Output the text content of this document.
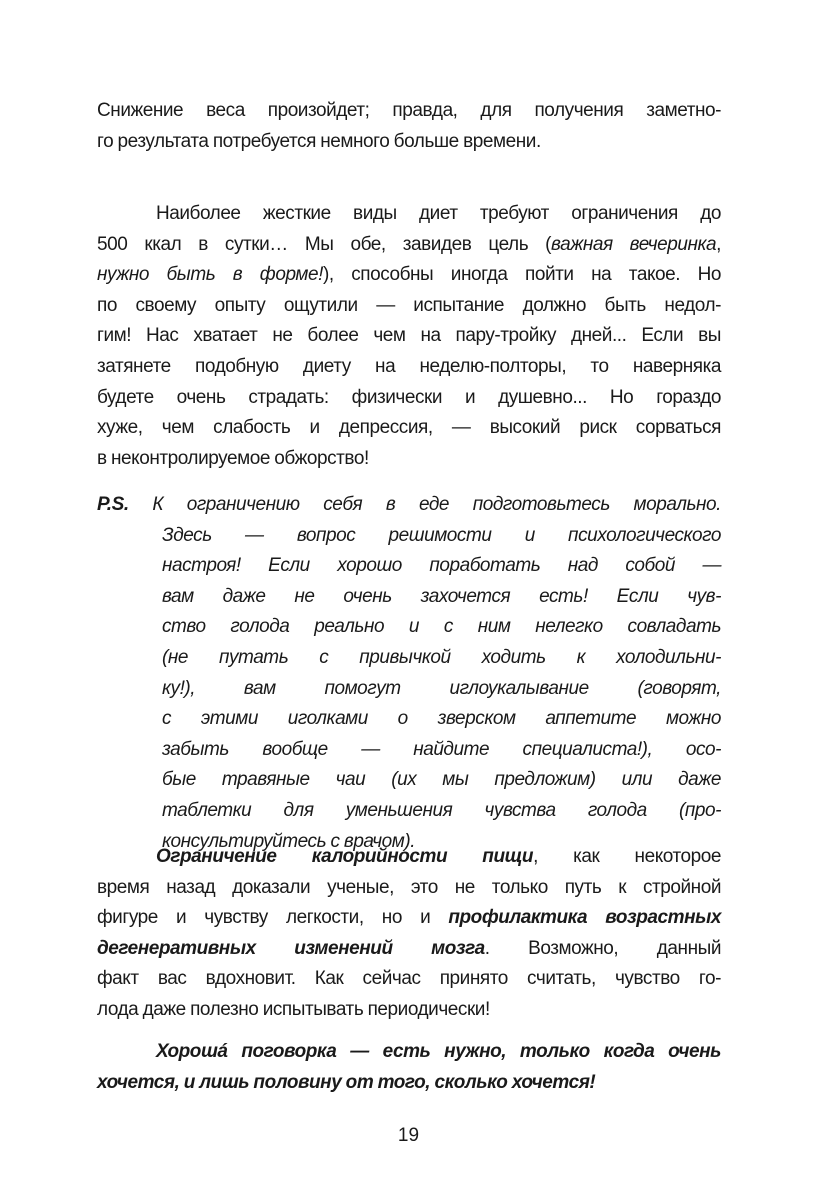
Снижение веса произойдет; правда, для получения заметно-
го результата потребуется немного больше времени.
Наиболее жесткие виды диет требуют ограничения до
500 ккал в сутки… Мы обе, завидев цель (важная вечеринка,
нужно быть в форме!), способны иногда пойти на такое. Но
по своему опыту ощутили — испытание должно быть недол-
гим! Нас хватает не более чем на пару-тройку дней... Если вы
затянете подобную диету на неделю-полторы, то наверняка
будете очень страдать: физически и душевно... Но гораздо
хуже, чем слабость и депрессия, — высокий риск сорваться
в неконтролируемое обжорство!
P.S. К ограничению себя в еде подготовьтесь морально.
Здесь — вопрос решимости и психологического
настроя! Если хорошо поработать над собой —
вам даже не очень захочется есть! Если чув-
ство голода реально и с ним нелегко совладать
(не путать с привычкой ходить к холодильни-
ку!), вам помогут иглоукалывание (говорят,
с этими иголками о зверском аппетите можно
забыть вообще — найдите специалиста!), осо-
бые травяные чаи (их мы предложим) или даже
таблетки для уменьшения чувства голода (про-
консультируйтесь с врачом).
Ограничение калорийности пищи, как некоторое
время назад доказали ученые, это не только путь к стройной
фигуре и чувству легкости, но и профилактика возрастных
дегенеративных изменений мозга. Возможно, данный
факт вас вдохновит. Как сейчас принято считать, чувство го-
лода даже полезно испытывать периодически!
Хорошá поговорка — есть нужно, только когда очень
хочется, и лишь половину от того, сколько хочется!
19
